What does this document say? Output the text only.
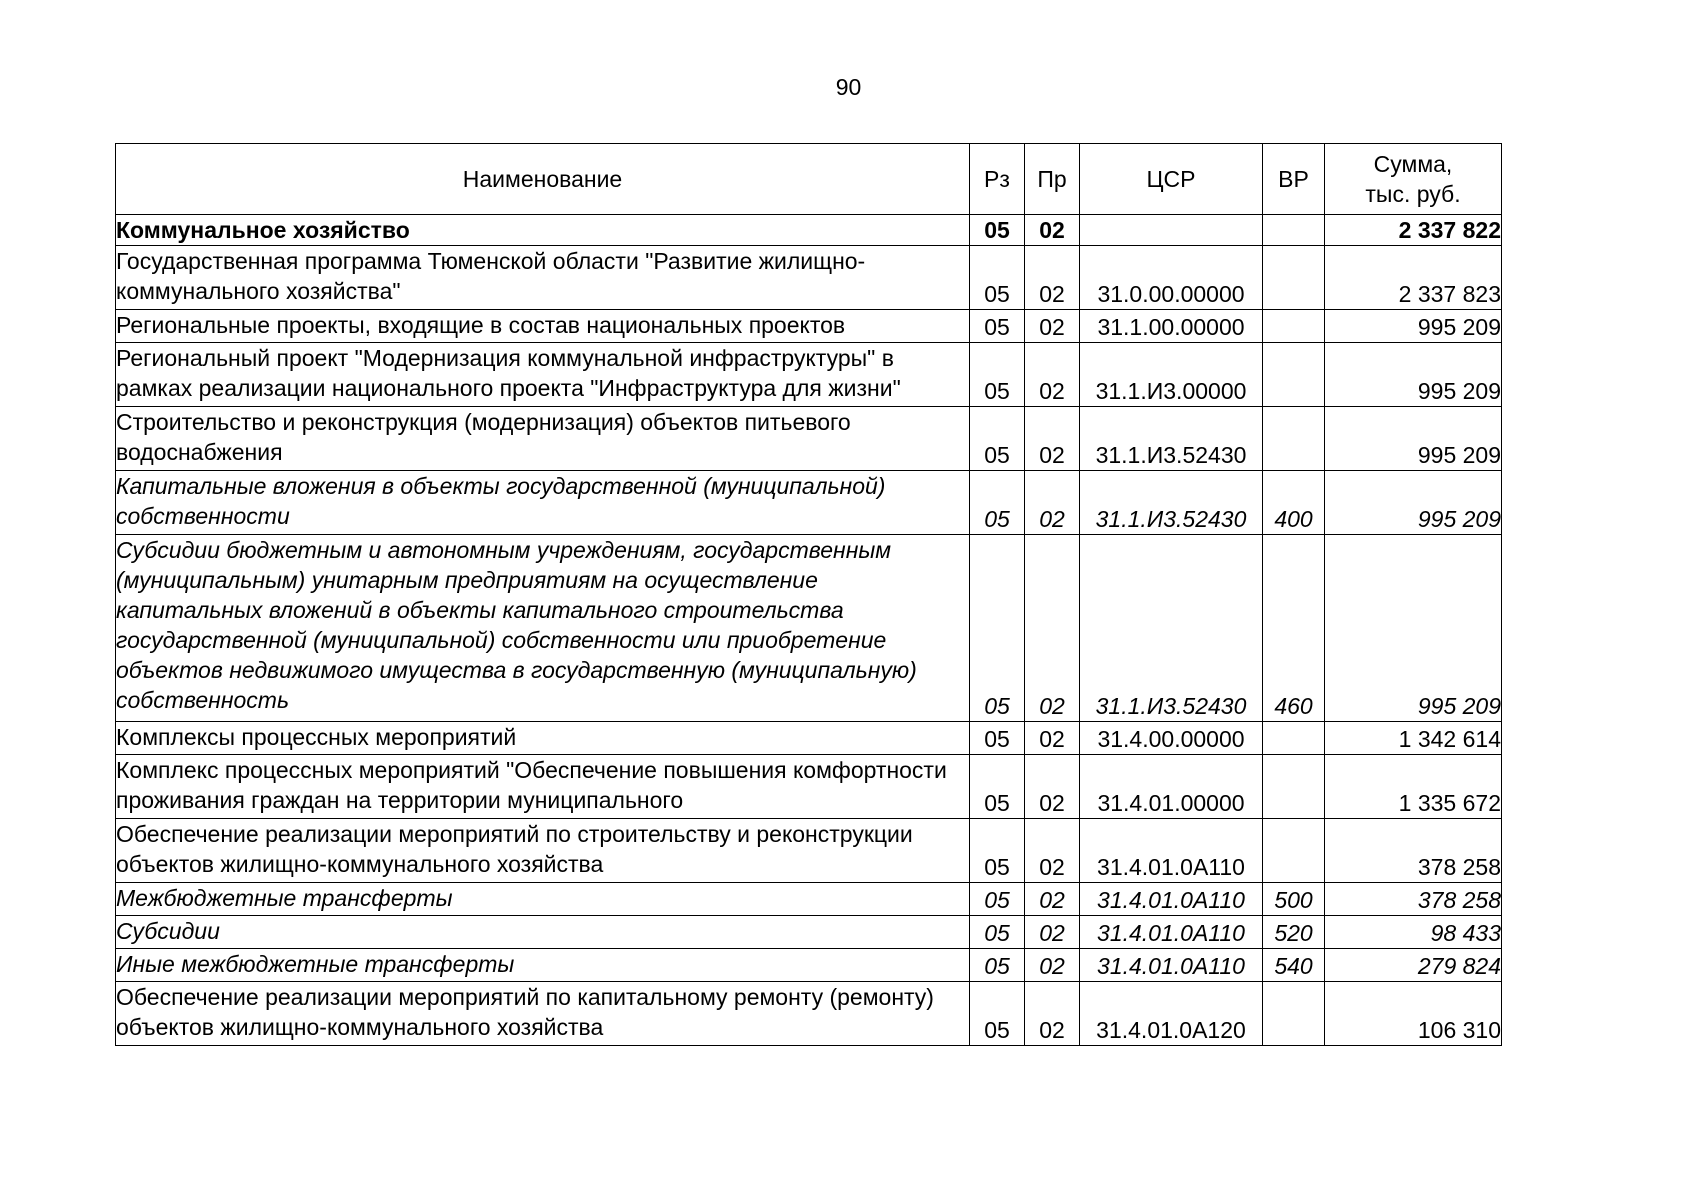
90
Наименование	Рз	Пр	ЦСР	ВР	Сумма,
тыс. руб.

Коммунальное хозяйство	05	02			2 337 822
Государственная программа Тюменской области "Развитие жилищно-коммунального хозяйства"	05	02	31.0.00.00000		2 337 823
Региональные проекты, входящие в состав национальных проектов	05	02	31.1.00.00000		995 209
Региональный проект "Модернизация коммунальной инфраструктуры" в рамках реализации национального проекта "Инфраструктура для жизни"	05	02	31.1.И3.00000		995 209
Строительство и реконструкция (модернизация) объектов питьевого водоснабжения	05	02	31.1.И3.52430		995 209
Капитальные вложения в объекты государственной (муниципальной) собственности	05	02	31.1.И3.52430	400	995 209
Субсидии бюджетным и автономным учреждениям, государственным (муниципальным) унитарным предприятиям на осуществление капитальных вложений в объекты капитального строительства государственной (муниципальной) собственности или приобретение объектов недвижимого имущества в государственную (муниципальную) собственность	05	02	31.1.И3.52430	460	995 209
Комплексы процессных мероприятий	05	02	31.4.00.00000		1 342 614
Комплекс процессных мероприятий "Обеспечение повышения комфортности проживания граждан на территории муниципального	05	02	31.4.01.00000		1 335 672
Обеспечение реализации мероприятий по строительству и реконструкции объектов жилищно-коммунального хозяйства	05	02	31.4.01.0A110		378 258
Межбюджетные трансферты	05	02	31.4.01.0A110	500	378 258
Субсидии	05	02	31.4.01.0A110	520	98 433
Иные межбюджетные трансферты	05	02	31.4.01.0A110	540	279 824
Обеспечение реализации мероприятий по капитальному ремонту (ремонту) объектов жилищно-коммунального хозяйства	05	02	31.4.01.0A120		106 310
